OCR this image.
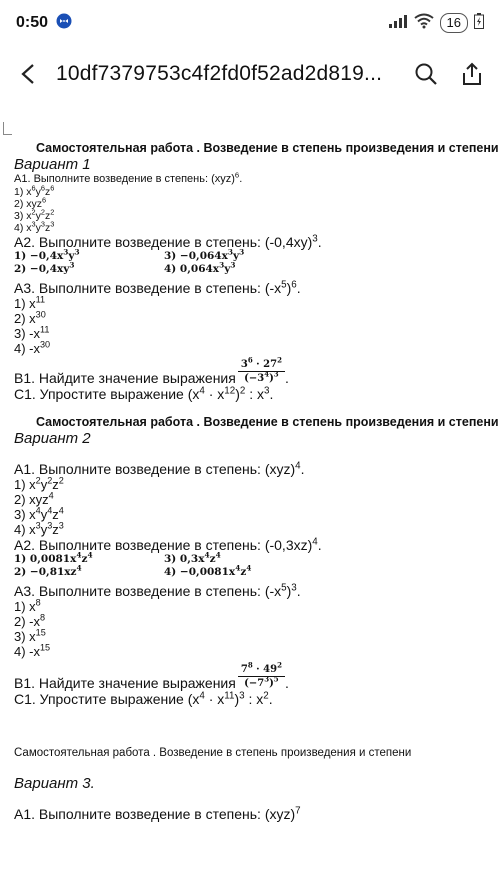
0:50	16
10df7379753c4f2fd0f52ad2d819...
Самостоятельная работа . Возведение в степень произведения и степени
Вариант 1
А1. Выполните возведение в степень: (xyz)$^6$.
1) $x^6y^6z^6$
2) xyz$^6$
3) $x^2y^2z^2$
4) $x^3y^3z^3$
А2. Выполните возведение в степень: $(-0,4xy)^3$.
$1) -0,4x^3y^3$	$3) -0,064x^3y^3$
$2) -0,4xy^3$	4) $0,064x^3y^3$
А3. Выполните возведение в степень: $(-x^5)^6$.
1) $x^{11}$
2) $x^{30}$
3) $-x^{11}$
4) $-x^{30}$
В1. Найдите значение выражения $\frac{3^6 \cdot 27^2}{(-3^4)^3}$ .
С1. Упростите выражение $(x^4 \cdot x^{12})^2$ : $x^3$.
Самостоятельная работа . Возведение в степень произведения и степени
Вариант 2
А1. Выполните возведение в степень: (xyz)$^4$.
1) $x^2y^2z^2$
2) xyz$^4$
3) $x^4y^4z^4$
4) $x^3y^3z^3$
А2. Выполните возведение в степень: $(-0,3xz)^4$.
1) $0,0081x^4z^4$	3) $0,3x^4z^4$
$2) -0,81xz^4$	$4) -0,0081x^4z^4$
А3. Выполните возведение в степень: $(-x^5)^3$.
1) $x^8$
2) $-x^8$
3) $x^{15}$
4) $-x^{15}$
В1. Найдите значение выражения $\frac{7^8 \cdot 49^2}{(-7^3)^5}$ .
С1. Упростите выражение $(x^4 \cdot x^{11})^3$ : $x^2$.
Самостоятельная работа . Возведение в степень произведения и степени
Вариант 3.
А1. Выполните возведение в степень: (xyz)$^7$
